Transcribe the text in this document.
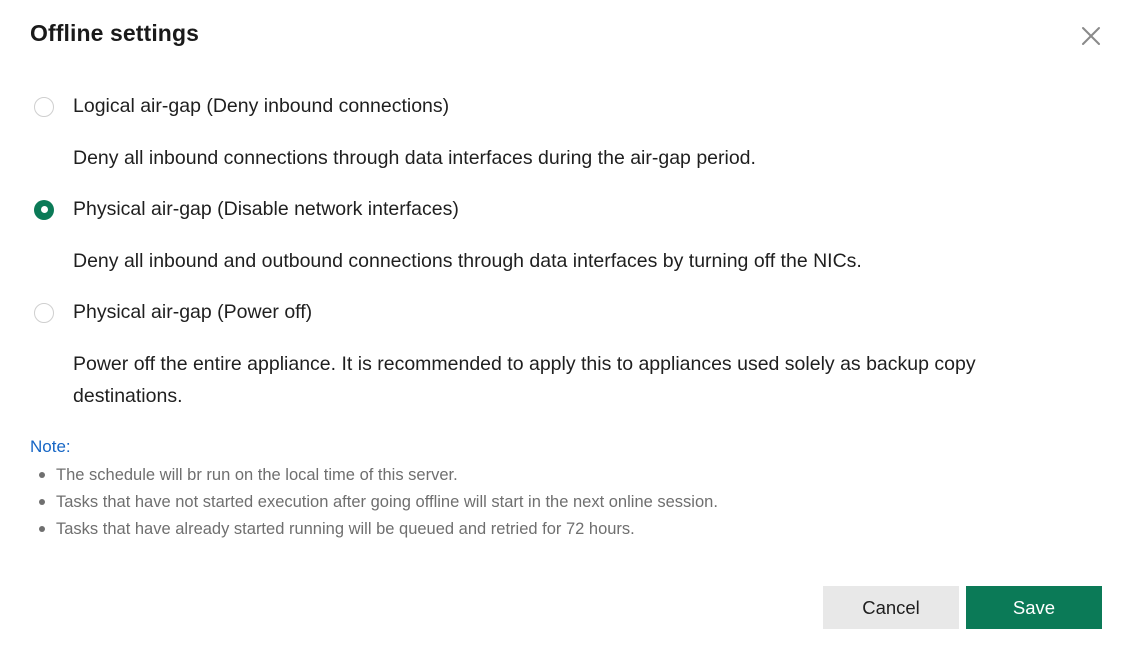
Offline settings
Logical air-gap (Deny inbound connections)
Deny all inbound connections through data interfaces during the air-gap period.
Physical air-gap (Disable network interfaces)
Deny all inbound and outbound connections through data interfaces by turning off the NICs.
Physical air-gap (Power off)
Power off the entire appliance. It is recommended to apply this to appliances used solely as backup copy destinations.
Note:
The schedule will br run on the local time of this server.
Tasks that have not started execution after going offline will start in the next online session.
Tasks that have already started running will be queued and retried for 72 hours.
Cancel	Save
